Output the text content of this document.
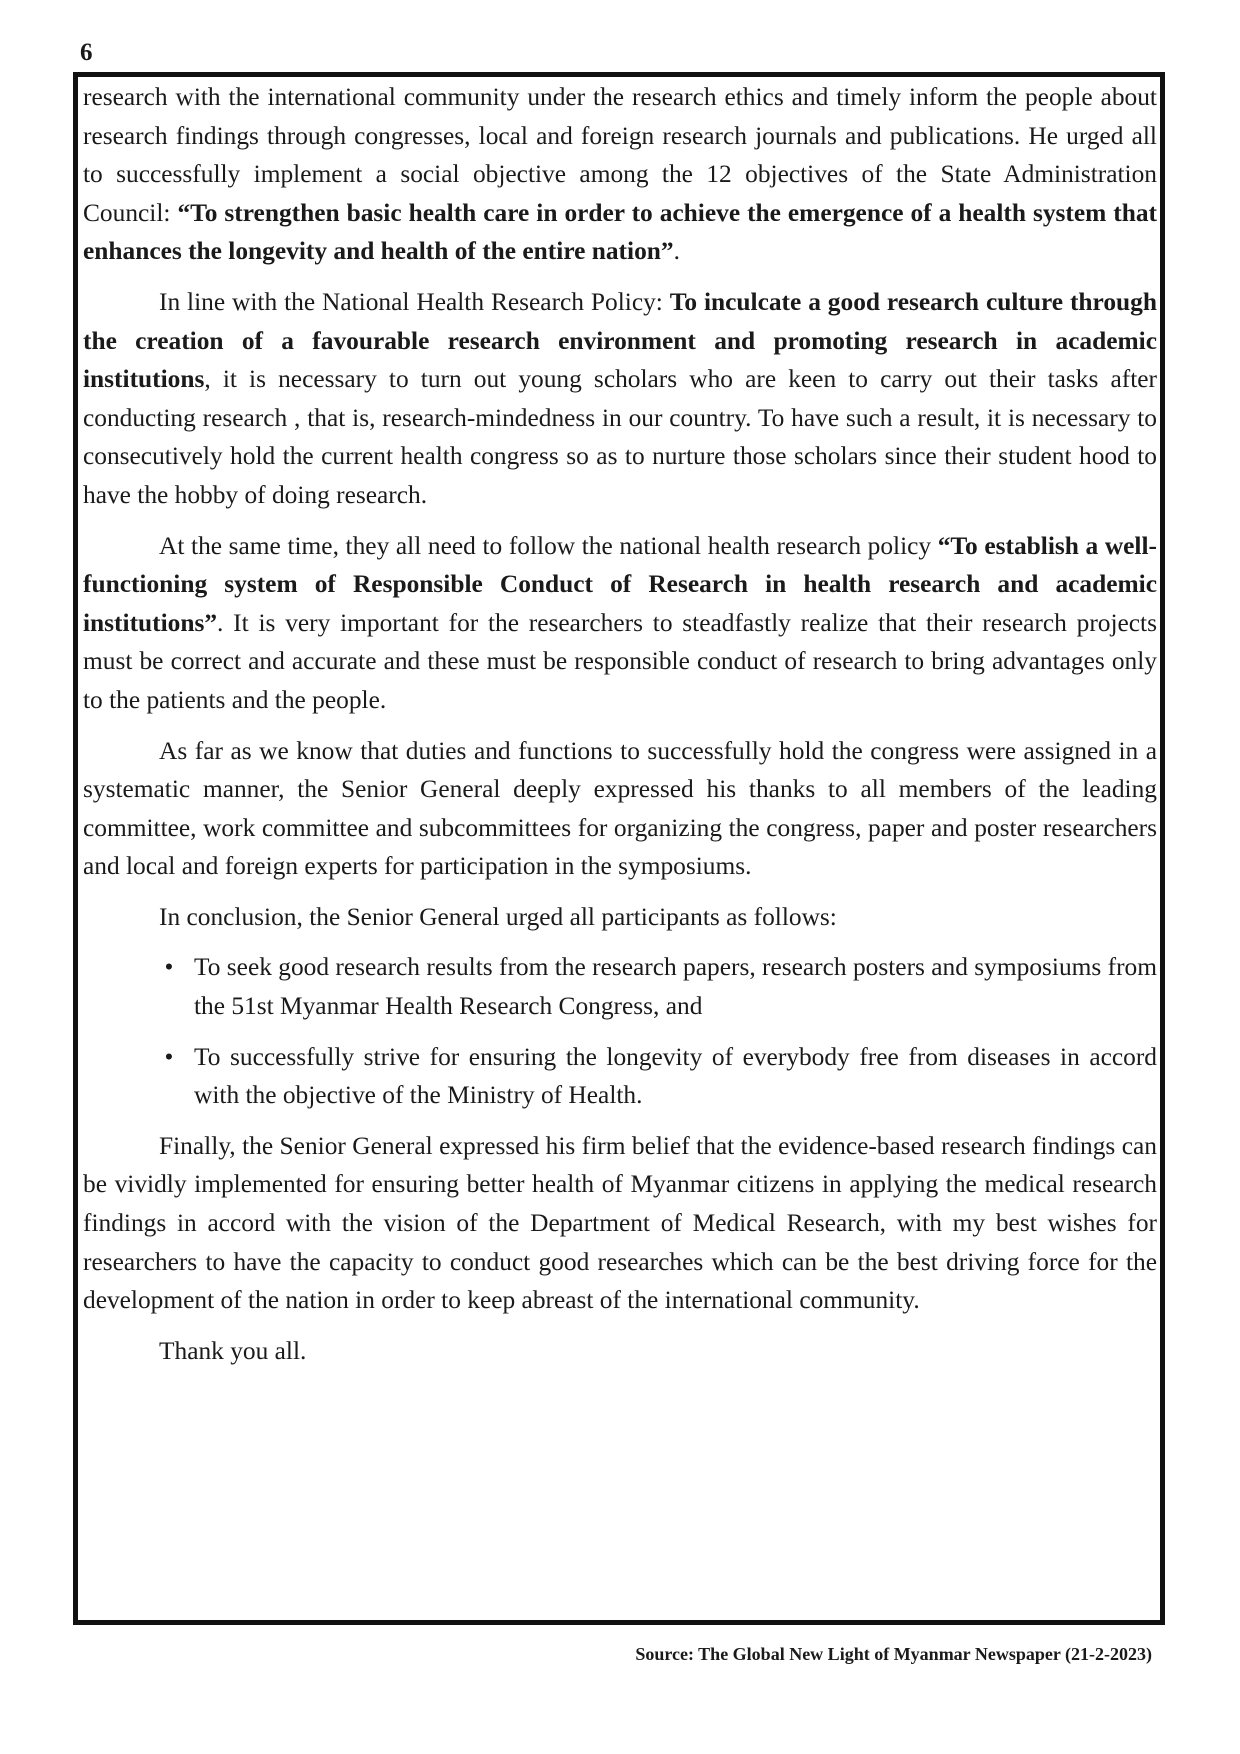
6

research with the international community under the research ethics and timely inform the people about research findings through congresses, local and foreign research journals and publications. He urged all to successfully implement a social objective among the 12 objectives of the State Administration Council: “To strengthen basic health care in order to achieve the emergence of a health system that enhances the longevity and health of the entire nation”.

In line with the National Health Research Policy: To inculcate a good research culture through the creation of a favourable research environment and promoting research in academic institutions, it is necessary to turn out young scholars who are keen to carry out their tasks after conducting research , that is, research-mindedness in our country. To have such a result, it is necessary to consecutively hold the current health congress so as to nurture those scholars since their student hood to have the hobby of doing research.

At the same time, they all need to follow the national health research policy “To establish a well-functioning system of Responsible Conduct of Research in health research and academic institutions”. It is very important for the researchers to steadfastly realize that their research projects must be correct and accurate and these must be responsible conduct of research to bring advantages only to the patients and the people.

As far as we know that duties and functions to successfully hold the congress were assigned in a systematic manner, the Senior General deeply expressed his thanks to all members of the leading committee, work committee and subcommittees for organizing the congress, paper and poster researchers and local and foreign experts for participation in the symposiums.

In conclusion, the Senior General urged all participants as follows:

• To seek good research results from the research papers, research posters and symposiums from the 51st Myanmar Health Research Congress, and
• To successfully strive for ensuring the longevity of everybody free from diseases in accord with the objective of the Ministry of Health.

Finally, the Senior General expressed his firm belief that the evidence-based research findings can be vividly implemented for ensuring better health of Myanmar citizens in applying the medical research findings in accord with the vision of the Department of Medical Research, with my best wishes for researchers to have the capacity to conduct good researches which can be the best driving force for the development of the nation in order to keep abreast of the international community.

Thank you all.

Source: The Global New Light of Myanmar Newspaper (21-2-2023)
